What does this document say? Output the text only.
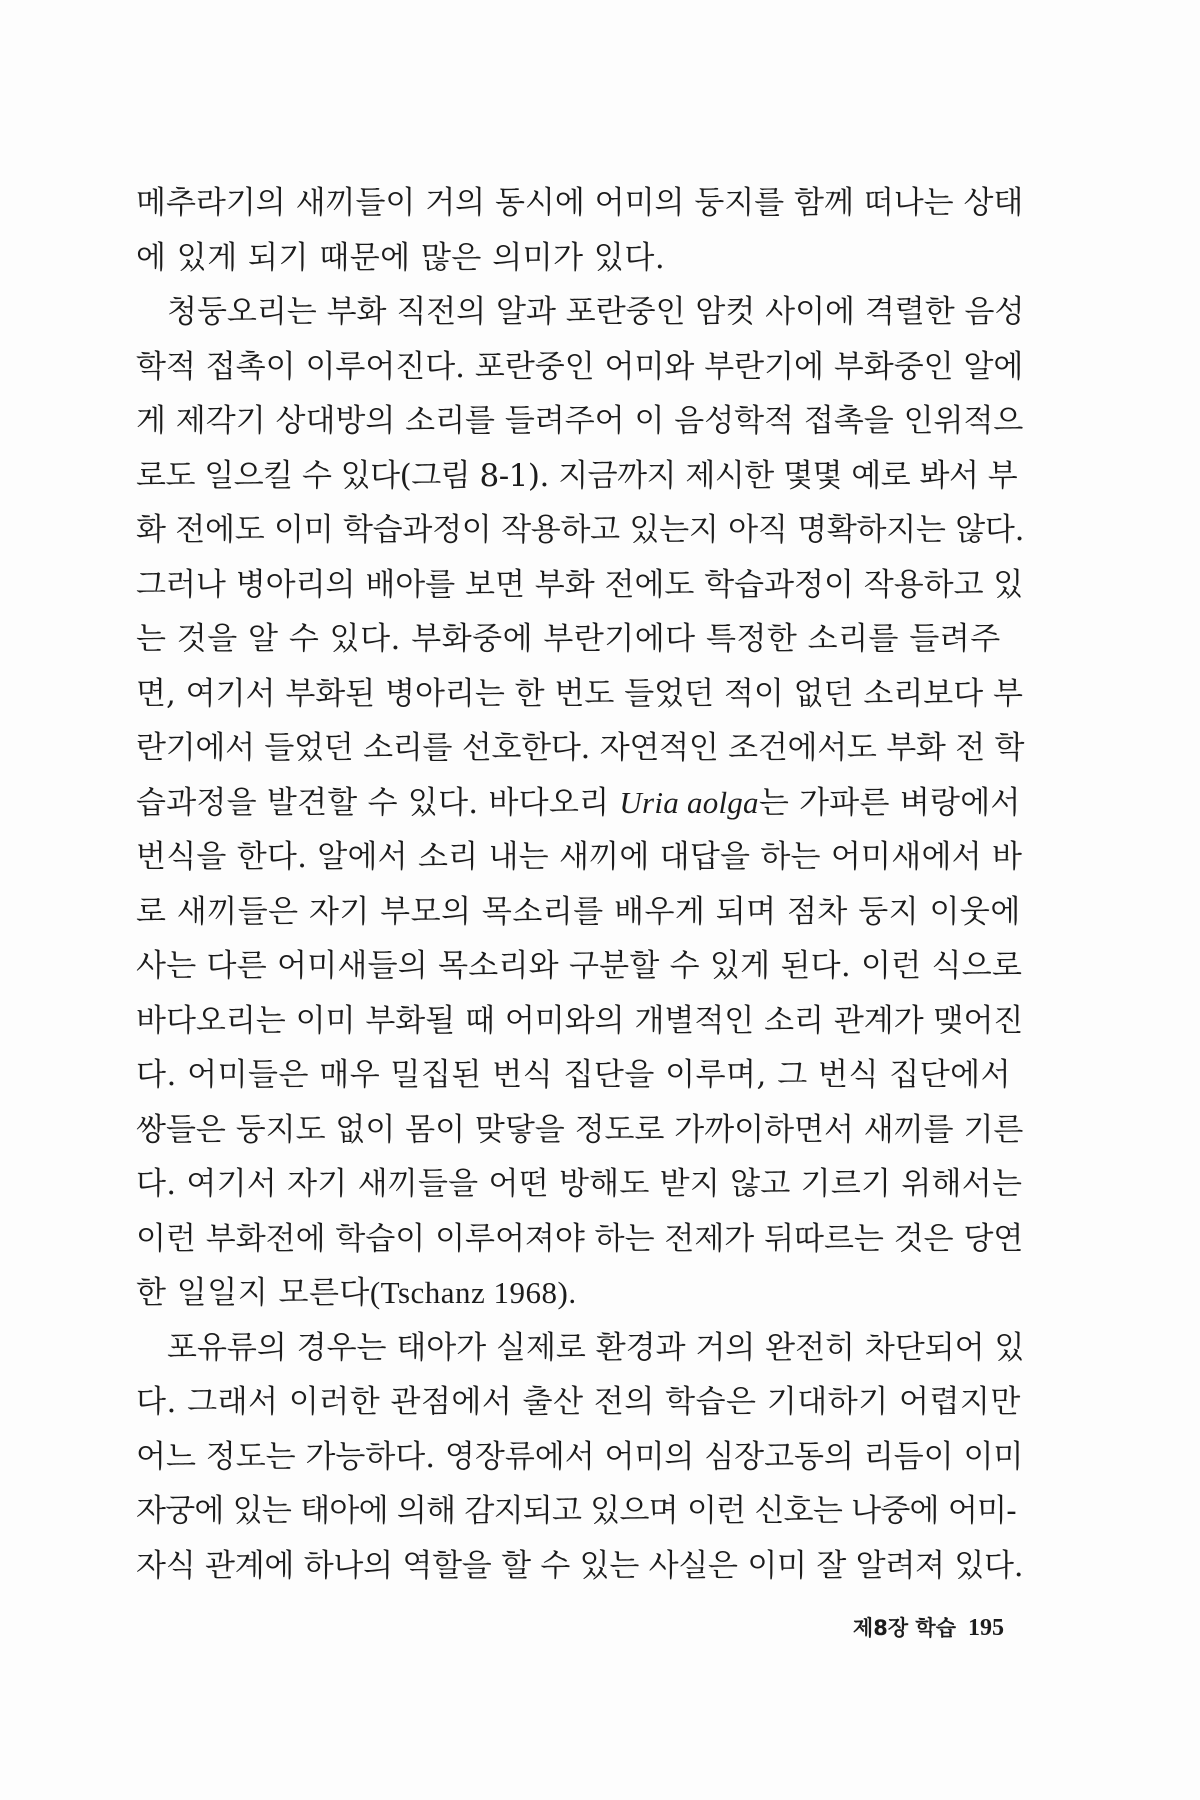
메추라기의 새끼들이 거의 동시에 어미의 둥지를 함께 떠나는 상태
에 있게 되기 때문에 많은 의미가 있다.
청둥오리는 부화 직전의 알과 포란중인 암컷 사이에 격렬한 음성
학적 접촉이 이루어진다. 포란중인 어미와 부란기에 부화중인 알에
게 제각기 상대방의 소리를 들려주어 이 음성학적 접촉을 인위적으
로도 일으킬 수 있다(그림 8-1). 지금까지 제시한 몇몇 예로 봐서 부
화 전에도 이미 학습과정이 작용하고 있는지 아직 명확하지는 않다.
그러나 병아리의 배아를 보면 부화 전에도 학습과정이 작용하고 있
는 것을 알 수 있다. 부화중에 부란기에다 특정한 소리를 들려주
면, 여기서 부화된 병아리는 한 번도 들었던 적이 없던 소리보다 부
란기에서 들었던 소리를 선호한다. 자연적인 조건에서도 부화 전 학
습과정을 발견할 수 있다. 바다오리 Uria aolga는 가파른 벼랑에서
번식을 한다. 알에서 소리 내는 새끼에 대답을 하는 어미새에서 바
로 새끼들은 자기 부모의 목소리를 배우게 되며 점차 둥지 이웃에
사는 다른 어미새들의 목소리와 구분할 수 있게 된다. 이런 식으로
바다오리는 이미 부화될 때 어미와의 개별적인 소리 관계가 맺어진
다. 어미들은 매우 밀집된 번식 집단을 이루며, 그 번식 집단에서
쌍들은 둥지도 없이 몸이 맞닿을 정도로 가까이하면서 새끼를 기른
다. 여기서 자기 새끼들을 어떤 방해도 받지 않고 기르기 위해서는
이런 부화전에 학습이 이루어져야 하는 전제가 뒤따르는 것은 당연
한 일일지 모른다(Tschanz 1968).
포유류의 경우는 태아가 실제로 환경과 거의 완전히 차단되어 있
다. 그래서 이러한 관점에서 출산 전의 학습은 기대하기 어렵지만
어느 정도는 가능하다. 영장류에서 어미의 심장고동의 리듬이 이미
자궁에 있는 태아에 의해 감지되고 있으며 이런 신호는 나중에 어미-
자식 관계에 하나의 역할을 할 수 있는 사실은 이미 잘 알려져 있다.
제8장 학습 195
